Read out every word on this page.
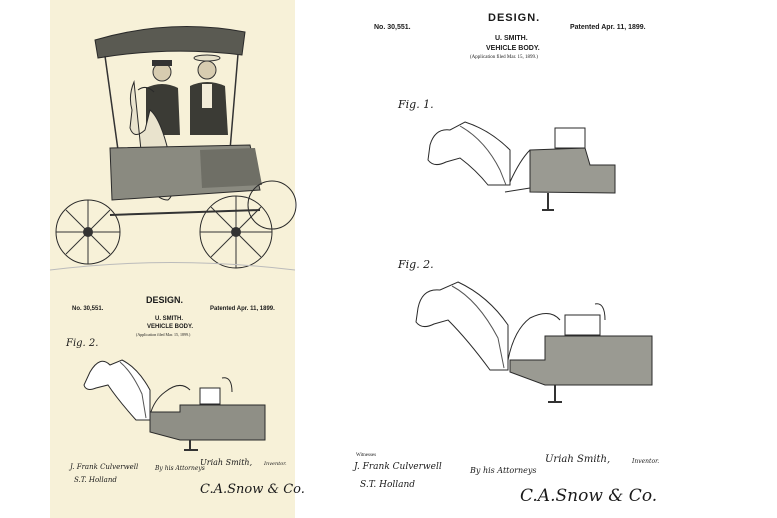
DESIGN.
No. 30,551.	Patented Apr. 11, 1899.
U. SMITH.
VEHICLE BODY.
(Application filed Mar. 15, 1899.)
Fig. 2.
J. Frank Culverwell
S.T. Holland
By his Attorneys
Uriah Smith, Inventor.
C.A.Snow & Co.
DESIGN.
No. 30,551.	Patented Apr. 11, 1899.
U. SMITH.
VEHICLE BODY.
(Application filed Mar. 15, 1899.)
Fig. 1.
Fig. 2.
Witnesses
J. Frank Culverwell
S.T. Holland
By his Attorneys
Uriah Smith,	Inventor.
C.A.Snow & Co.
